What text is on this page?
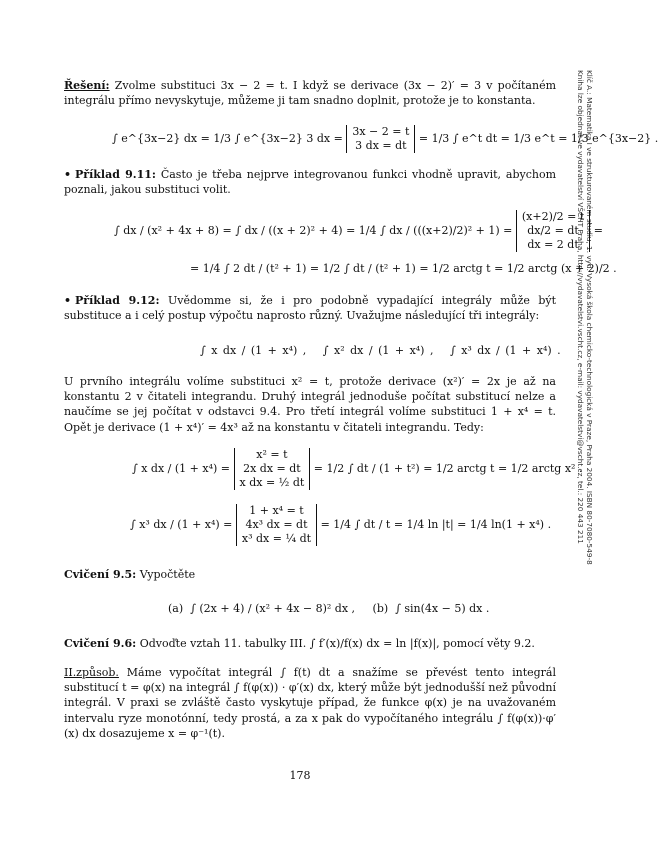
Klíč A.: Matematika I ve strukturovaném studiu, 1. vyd. Vysoká škola chemicko-technologická v Praze, Praha 2004. ISBN 80-7080-549-8
Kniha lze objednat ve vydavatelství VŠCHT Praha, http://vydavatelstvi.vscht.cz, e-mail: vydavatelstvi@vscht.cz, tel.: 220 443 211

Řešení: Zvolme substituci 3x − 2 = t. I když se derivace (3x − 2)′ = 3 v počítaném integrálu přímo nevyskytuje, můžeme ji tam snadno doplnit, protože je to konstanta.

∫ e^{3x−2} dx = 1/3 ∫ e^{3x−2} 3 dx =
3x − 2 = t
3 dx = dt
= 1/3 ∫ e^t dt = 1/3 e^t = 1/3 e^{3x−2} .

• Příklad 9.11: Často je třeba nejprve integrovanou funkci vhodně upravit, abychom poznali, jakou substituci volit.

∫ dx / (x² + 4x + 8) = ∫ dx / ((x + 2)² + 4) = 1/4 ∫ dx / (((x+2)/2)² + 1) =
(x+2)/2 = t
dx/2 = dt
dx = 2 dt
=
= 1/4 ∫ 2 dt / (t² + 1) = 1/2 ∫ dt / (t² + 1) = 1/2 arctg t = 1/2 arctg (x + 2)/2 .

• Příklad 9.12: Uvědomme si, že i pro podobně vypadající integrály může být substituce a i celý postup výpočtu naprosto různý. Uvažujme následující tři integrály:

∫ x dx / (1 + x⁴) , ∫ x² dx / (1 + x⁴) , ∫ x³ dx / (1 + x⁴) .

U prvního integrálu volíme substituci x² = t, protože derivace (x²)′ = 2x je až na konstantu 2 v čitateli integrandu. Druhý integrál jednoduše počítat substitucí nelze a naučíme se jej počítat v odstavci 9.4. Pro třetí integrál volíme substituci 1 + x⁴ = t. Opět je derivace (1 + x⁴)′ = 4x³ až na konstantu v čitateli integrandu. Tedy:

∫ x dx / (1 + x⁴) =
x² = t
2x dx = dt
x dx = ½ dt
= 1/2 ∫ dt / (1 + t²) = 1/2 arctg t = 1/2 arctg x² .
∫ x³ dx / (1 + x⁴) =
1 + x⁴ = t
4x³ dx = dt
x³ dx = ¼ dt
= 1/4 ∫ dt / t = 1/4 ln |t| = 1/4 ln(1 + x⁴) .

Cvičení 9.5: Vypočtěte

(a) ∫ (2x + 4) / (x² + 4x − 8)² dx , (b) ∫ sin(4x − 5) dx .

Cvičení 9.6: Odvoďte vztah 11. tabulky III. ∫ f′(x)/f(x) dx = ln |f(x)|, pomocí věty 9.2.

II.způsob. Máme vypočítat integrál ∫ f(t) dt a snažíme se převést tento integrál substitucí t = φ(x) na integrál ∫ f(φ(x)) · φ′(x) dx, který může být jednodušší než původní integrál. V praxi se zvláště často vyskytuje případ, že funkce φ(x) je na uvažovaném intervalu ryze monotónní, tedy prostá, a za x pak do vypočítaného integrálu ∫ f(φ(x))·φ′(x) dx dosazujeme x = φ⁻¹(t).

178
